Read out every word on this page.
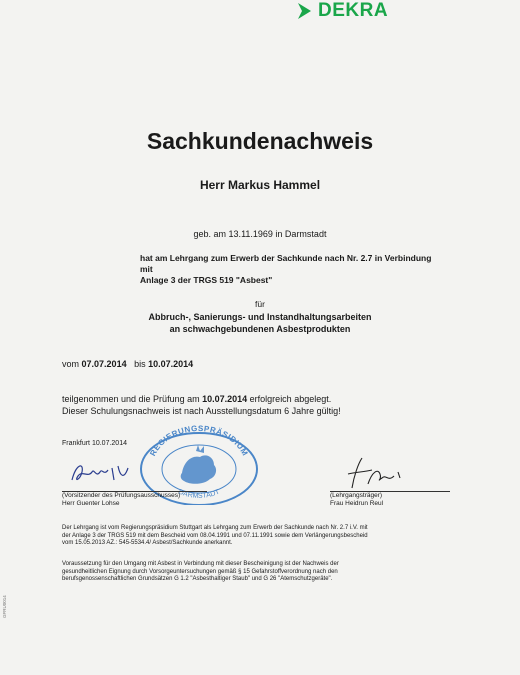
DEKRA
Sachkundenachweis
Herr Markus Hammel
geb. am 13.11.1969 in Darmstadt
hat am Lehrgang zum Erwerb der Sachkunde nach Nr. 2.7 in Verbindung mit
Anlage 3 der TRGS 519 "Asbest"
für
Abbruch-, Sanierungs- und Instandhaltungsarbeiten
an schwachgebundenen Asbestprodukten
vom 07.07.2014 bis 10.07.2014
teilgenommen und die Prüfung am 10.07.2014 erfolgreich abgelegt.
Dieser Schulungsnachweis ist nach Ausstellungsdatum 6 Jahre gültig!
Frankfurt 10.07.2014
REGIERUNGSPRÄSIDIUM
DARMSTADT
(Vorsitzender des Prüfungsausschusses)
Herr Guenter Lohse
(Lehrgangsträger)
Frau Heidrun Reul
Der Lehrgang ist vom Regierungspräsidium Stuttgart als Lehrgang zum Erwerb der Sachkunde nach Nr. 2.7 i.V. mit
der Anlage 3 der TRGS 519 mit dem Bescheid vom 08.04.1991 und 07.11.1991 sowie dem Verlängerungsbescheid
vom 15.05.2013 AZ.: 545-5534.4/ Asbest/Sachkunde anerkannt.
Voraussetzung für den Umgang mit Asbest in Verbindung mit dieser Bescheinigung ist der Nachweis der
gesundheitlichen Eignung durch Vorsorgeuntersuchungen gemäß § 15 Gefahrstoffverordnung nach den
berufsgenossenschaftlichen Grundsätzen G 1.2 "Asbesthaltiger Staub" und G 26 "Atemschutzgeräte".
GFRU0014
